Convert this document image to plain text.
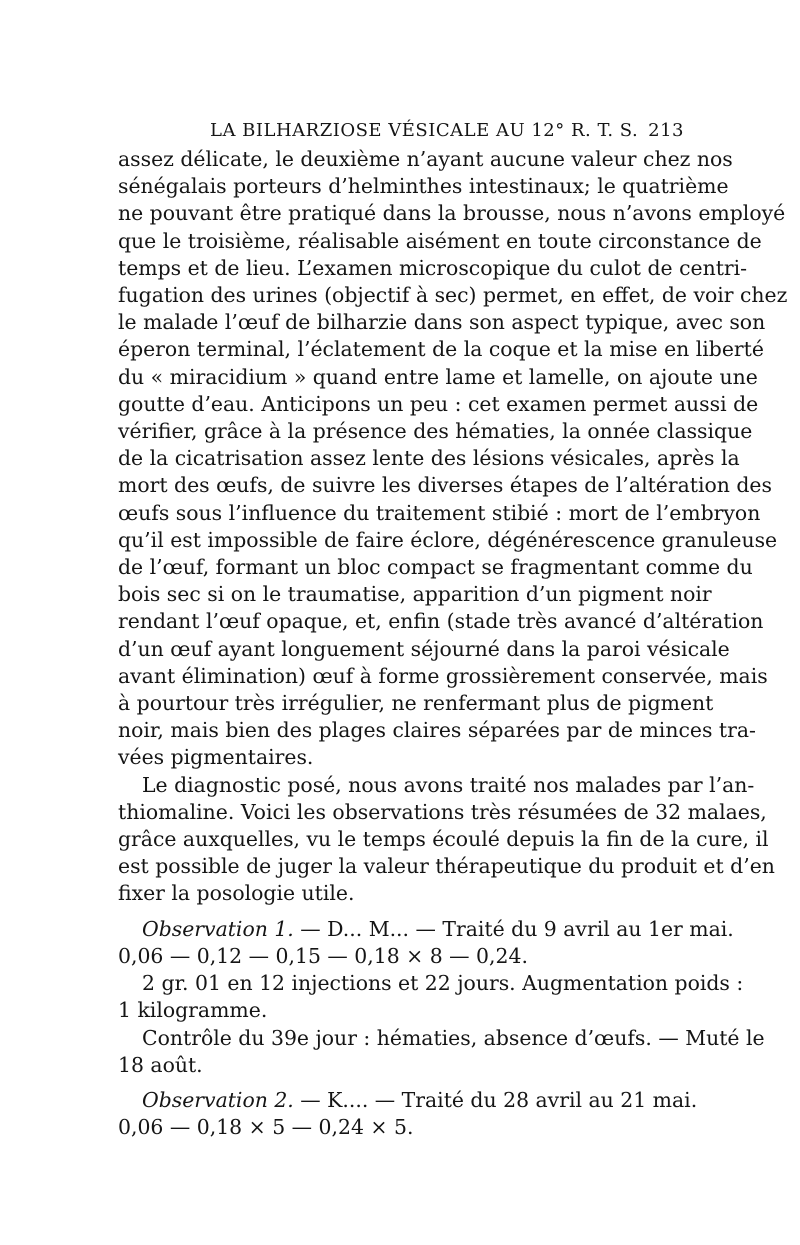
LA BILHARZIOSE VÉSICALE AU 12° R. T. S. 213
assez délicate, le deuxième n’ayant aucune valeur chez nos
sénégalais porteurs d’helminthes intestinaux; le quatrième
ne pouvant être pratiqué dans la brousse, nous n’avons employé
que le troisième, réalisable aisément en toute circonstance de
temps et de lieu. L’examen microscopique du culot de centri-
fugation des urines (objectif à sec) permet, en effet, de voir chez
le malade l’œuf de bilharzie dans son aspect typique, avec son
éperon terminal, l’éclatement de la coque et la mise en liberté
du « miracidium » quand entre lame et lamelle, on ajoute une
goutte d’eau. Anticipons un peu : cet examen permet aussi de
vérifier, grâce à la présence des hématies, la onnée classique
de la cicatrisation assez lente des lésions vésicales, après la
mort des œufs, de suivre les diverses étapes de l’altération des
œufs sous l’influence du traitement stibié : mort de l’embryon
qu’il est impossible de faire éclore, dégénérescence granuleuse
de l’œuf, formant un bloc compact se fragmentant comme du
bois sec si on le traumatise, apparition d’un pigment noir
rendant l’œuf opaque, et, enfin (stade très avancé d’altération
d’un œuf ayant longuement séjourné dans la paroi vésicale
avant élimination) œuf à forme grossièrement conservée, mais
à pourtour très irrégulier, ne renfermant plus de pigment
noir, mais bien des plages claires séparées par de minces tra-
vées pigmentaires.
Le diagnostic posé, nous avons traité nos malades par l’an-
thiomaline. Voici les observations très résumées de 32 malaes,
grâce auxquelles, vu le temps écoulé depuis la fin de la cure, il
est possible de juger la valeur thérapeutique du produit et d’en
fixer la posologie utile.
Observation 1. — D... M... — Traité du 9 avril au 1er mai.
0,06 — 0,12 — 0,15 — 0,18 × 8 — 0,24.
2 gr. 01 en 12 injections et 22 jours. Augmentation poids :
1 kilogramme.
Contrôle du 39e jour : hématies, absence d’œufs. — Muté le
18 août.
Observation 2. — K.... — Traité du 28 avril au 21 mai.
0,06 — 0,18 × 5 — 0,24 × 5.
